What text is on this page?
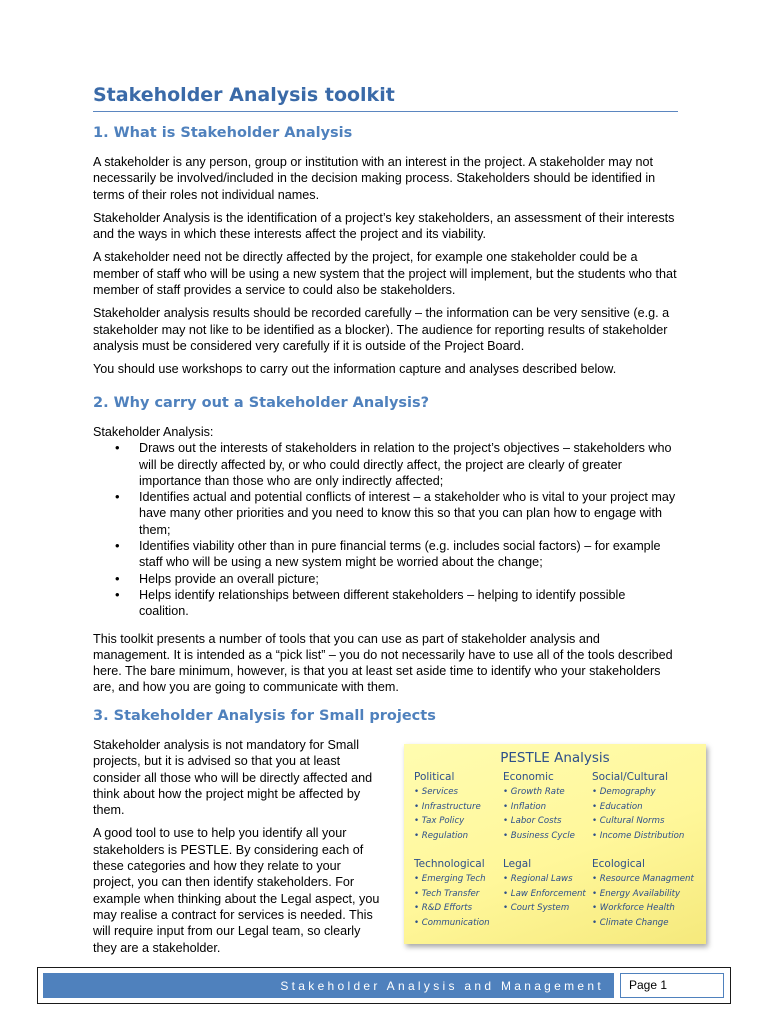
Stakeholder Analysis toolkit
1. What is Stakeholder Analysis

A stakeholder is any person, group or institution with an interest in the project. A stakeholder may not necessarily be involved/included in the decision making process. Stakeholders should be identified in terms of their roles not individual names.

Stakeholder Analysis is the identification of a project’s key stakeholders, an assessment of their interests and the ways in which these interests affect the project and its viability.

A stakeholder need not be directly affected by the project, for example one stakeholder could be a member of staff who will be using a new system that the project will implement, but the students who that member of staff provides a service to could also be stakeholders.

Stakeholder analysis results should be recorded carefully – the information can be very sensitive (e.g. a stakeholder may not like to be identified as a blocker). The audience for reporting results of stakeholder analysis must be considered very carefully if it is outside of the Project Board.

You should use workshops to carry out the information capture and analyses described below.

2. Why carry out a Stakeholder Analysis?

Stakeholder Analysis:

• Draws out the interests of stakeholders in relation to the project’s objectives – stakeholders who will be directly affected by, or who could directly affect, the project are clearly of greater importance than those who are only indirectly affected;
• Identifies actual and potential conflicts of interest – a stakeholder who is vital to your project may have many other priorities and you need to know this so that you can plan how to engage with them;
• Identifies viability other than in pure financial terms (e.g. includes social factors) – for example staff who will be using a new system might be worried about the change;
• Helps provide an overall picture;
• Helps identify relationships between different stakeholders – helping to identify possible coalition.

This toolkit presents a number of tools that you can use as part of stakeholder analysis and management. It is intended as a “pick list” – you do not necessarily have to use all of the tools described here. The bare minimum, however, is that you at least set aside time to identify who your stakeholders are, and how you are going to communicate with them.

3. Stakeholder Analysis for Small projects

Stakeholder analysis is not mandatory for Small projects, but it is advised so that you at least consider all those who will be directly affected and think about how the project might be affected by them.

A good tool to use to help you identify all your stakeholders is PESTLE. By considering each of these categories and how they relate to your project, you can then identify stakeholders. For example when thinking about the Legal aspect, you may realise a contract for services is needed. This will require input from our Legal team, so clearly they are a stakeholder.

PESTLE Analysis
Political
• Services
• Infrastructure
• Tax Policy
• Regulation
Economic
• Growth Rate
• Inflation
• Labor Costs
• Business Cycle
Social/Cultural
• Demography
• Education
• Cultural Norms
• Income Distribution
Technological
• Emerging Tech
• Tech Transfer
• R&D Efforts
• Communication
Legal
• Regional Laws
• Law Enforcement
• Court System
Ecological
• Resource Managment
• Energy Availability
• Workforce Health
• Climate Change
Stakeholder Analysis and Management	Page 1
